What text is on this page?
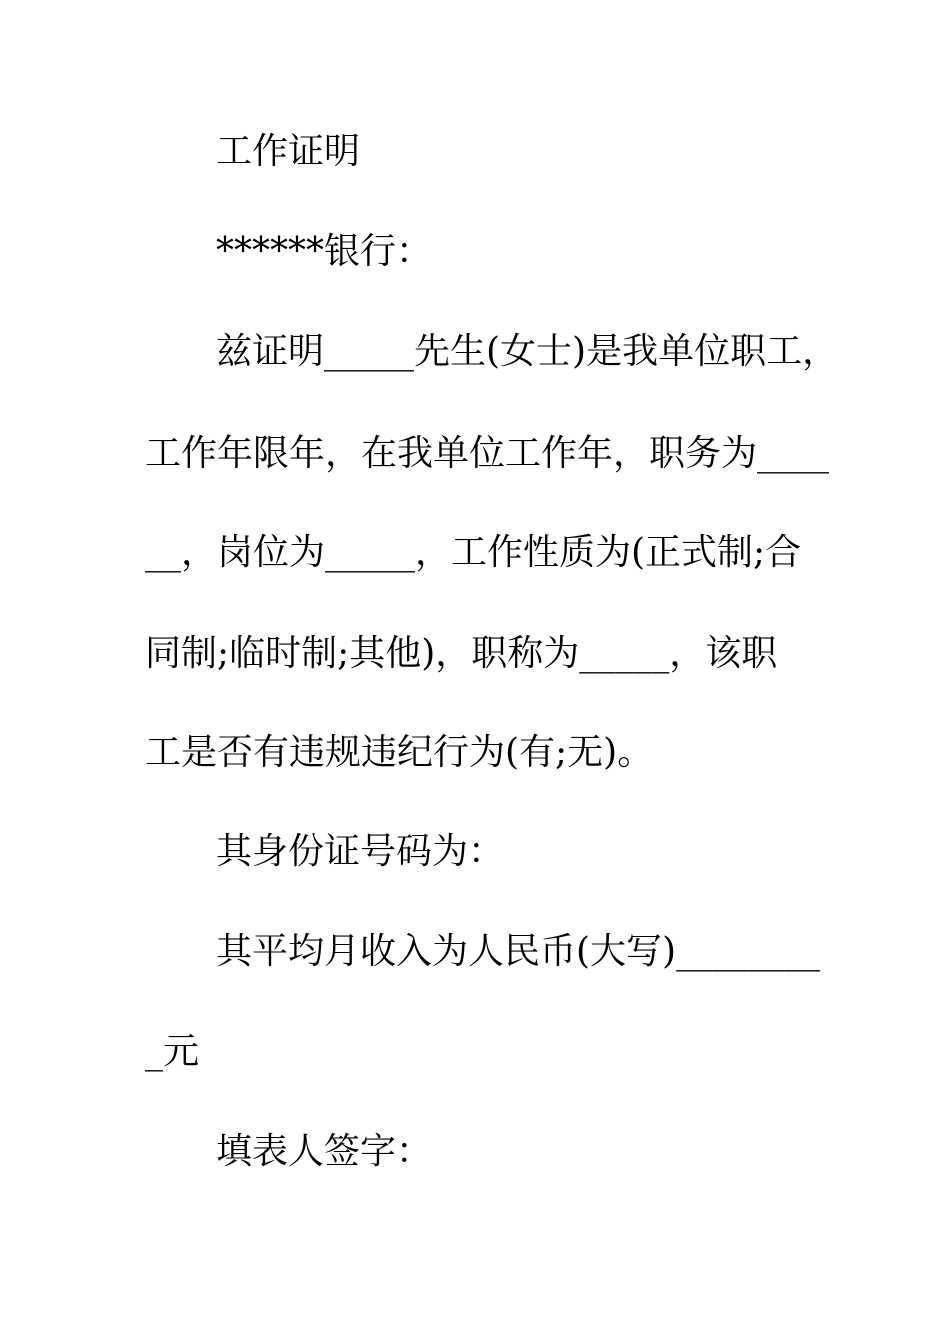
工作证明
******银行：
兹证明_____先生(女士)是我单位职工，
工作年限年，在我单位工作年，职务为____
__，岗位为_____，工作性质为(正式制;合
同制;临时制;其他)，职称为_____，该职
工是否有违规违纪行为(有;无)。
其身份证号码为：
其平均月收入为人民币(大写)________
_元
填表人签字：
